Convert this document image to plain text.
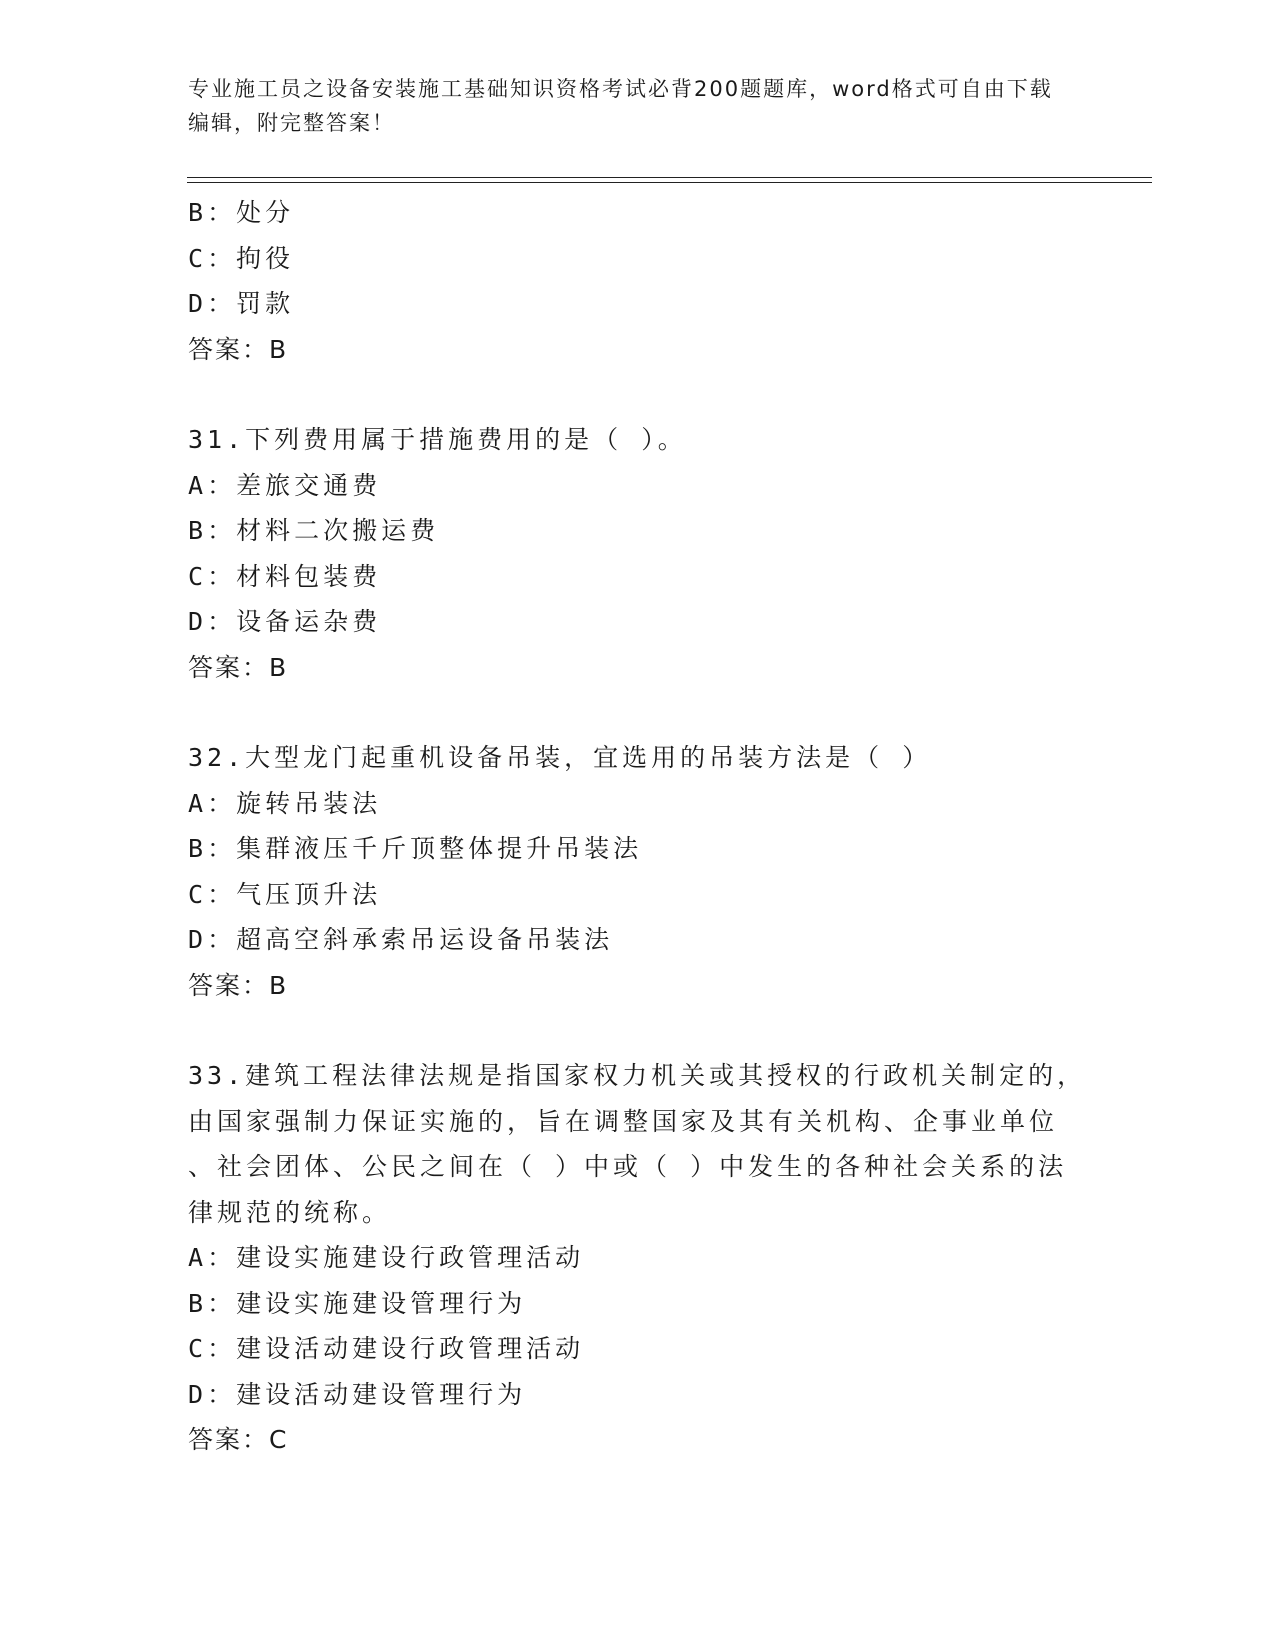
专业施工员之设备安装施工基础知识资格考试必背200题题库，word格式可自由下载编辑，附完整答案！
B：处分
C：拘役
D：罚款
答案：B
31.下列费用属于措施费用的是（ ）。
A：差旅交通费
B：材料二次搬运费
C：材料包装费
D：设备运杂费
答案：B
32.大型龙门起重机设备吊装，宜选用的吊装方法是（ ）
A：旋转吊装法
B：集群液压千斤顶整体提升吊装法
C：气压顶升法
D：超高空斜承索吊运设备吊装法
答案：B
33.建筑工程法律法规是指国家权力机关或其授权的行政机关制定的，
由国家强制力保证实施的，旨在调整国家及其有关机构、企事业单位
、社会团体、公民之间在（ ）中或（ ）中发生的各种社会关系的法
律规范的统称。
A：建设实施建设行政管理活动
B：建设实施建设管理行为
C：建设活动建设行政管理活动
D：建设活动建设管理行为
答案：C
